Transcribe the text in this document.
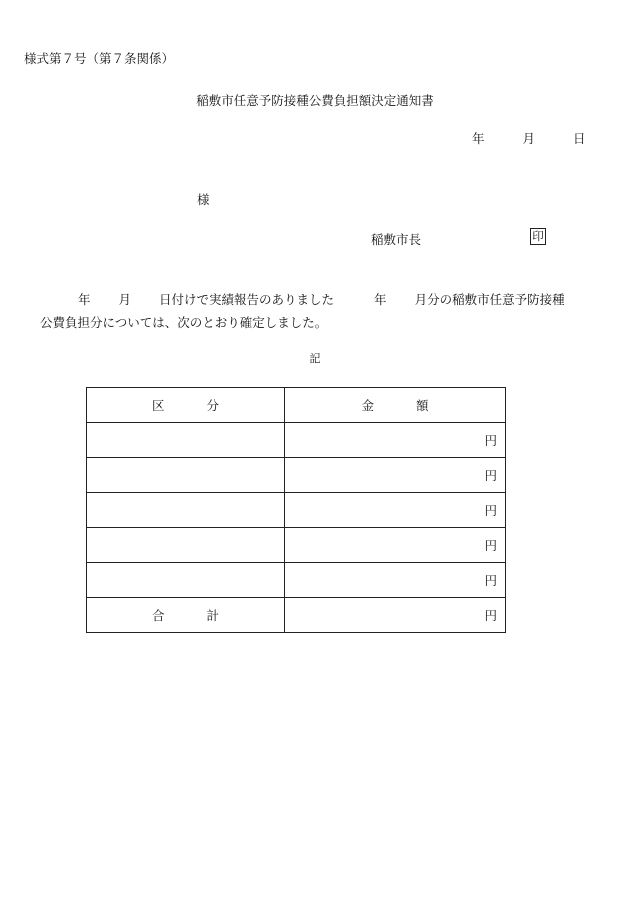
様式第７号（第７条関係）
稲敷市任意予防接種公費負担額決定通知書
年	月	日
様
稲敷市長	印
年 月 日付けで実績報告のありました	年 月分の稲敷市任意予防接種
公費負担分については、次のとおり確定しました。
記
区 分	金 額
	円
	円
	円
	円
	円
合 計	円
